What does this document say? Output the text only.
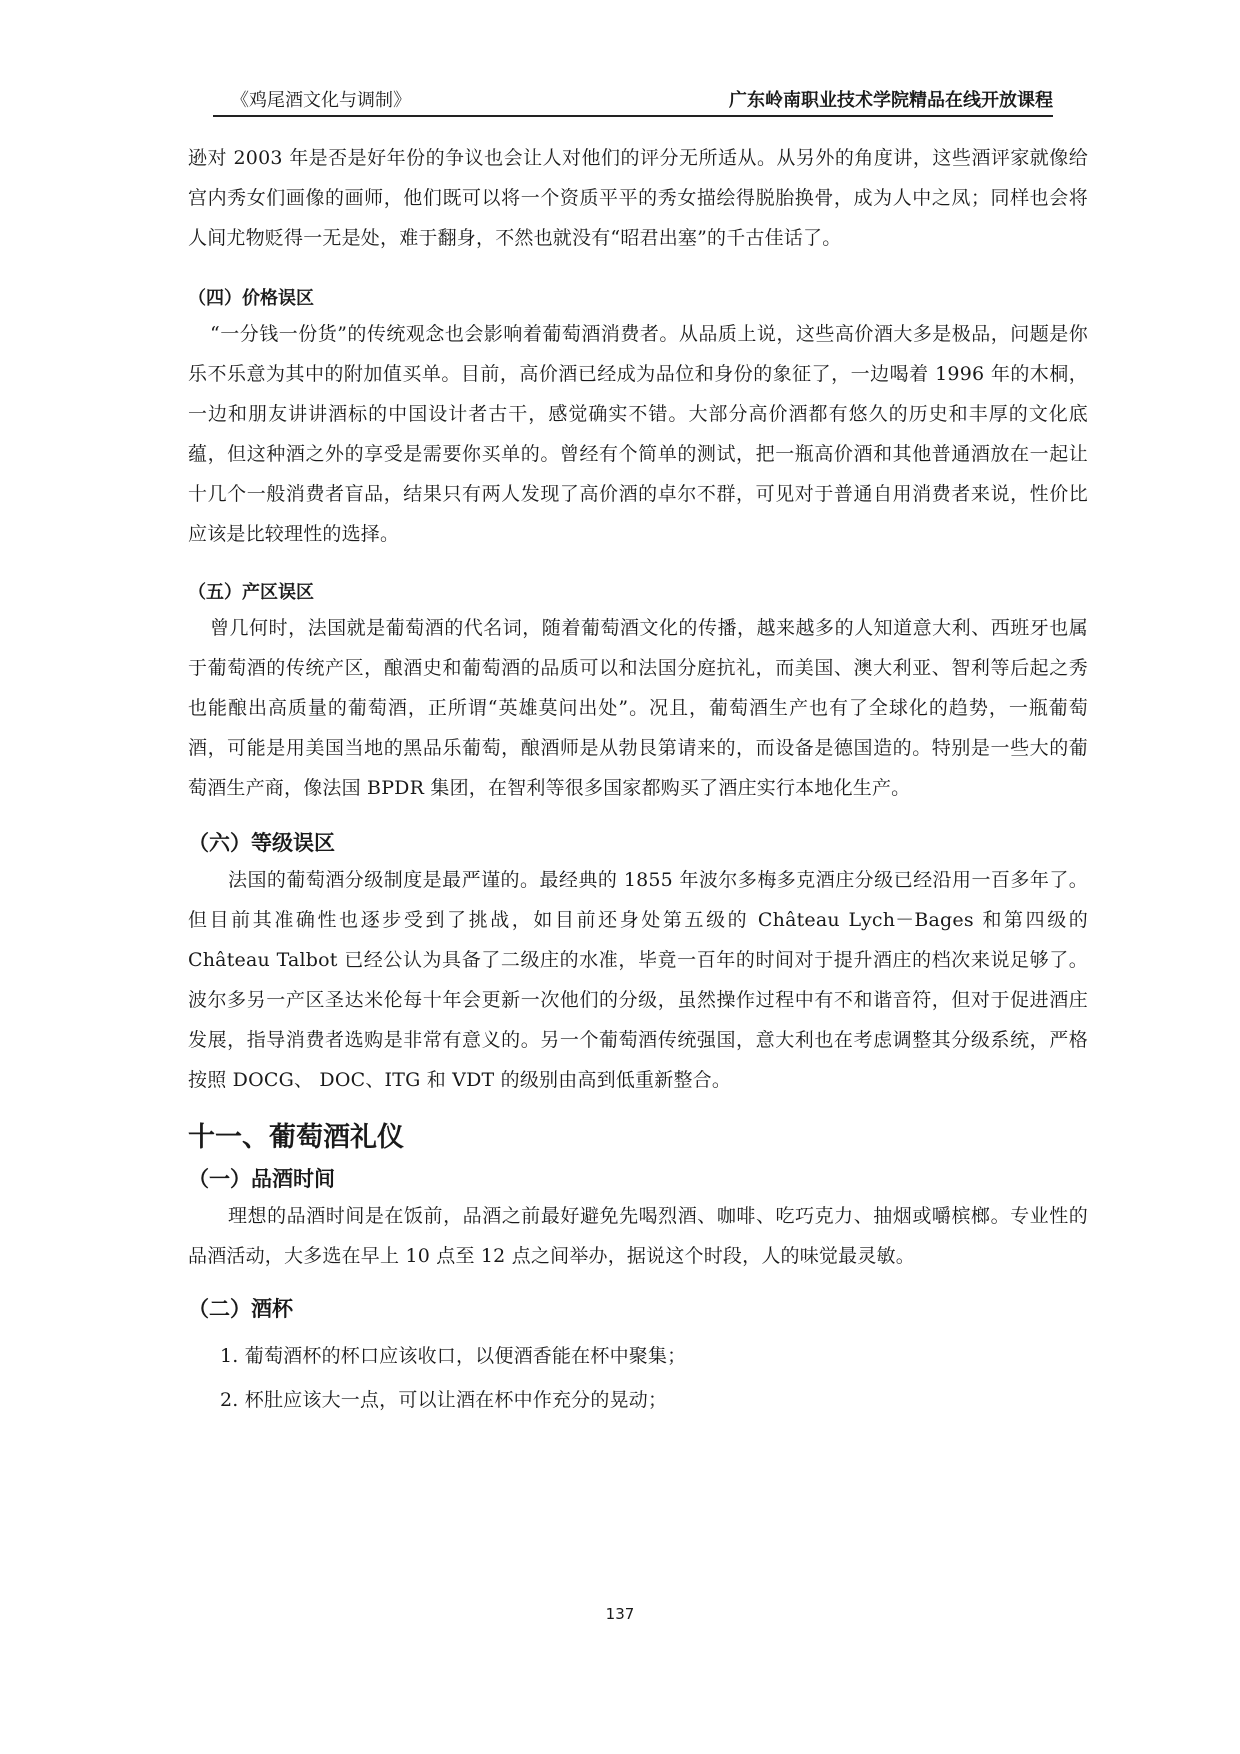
《鸡尾酒文化与调制》	广东岭南职业技术学院精品在线开放课程

逊对 2003 年是否是好年份的争议也会让人对他们的评分无所适从。从另外的角度讲，这些酒评家就像给宫内秀女们画像的画师，他们既可以将一个资质平平的秀女描绘得脱胎换骨，成为人中之凤；同样也会将人间尤物贬得一无是处，难于翻身，不然也就没有“昭君出塞”的千古佳话了。

（四）价格误区

“一分钱一份货”的传统观念也会影响着葡萄酒消费者。从品质上说，这些高价酒大多是极品，问题是你乐不乐意为其中的附加值买单。目前，高价酒已经成为品位和身份的象征了，一边喝着 1996 年的木桐，一边和朋友讲讲酒标的中国设计者古干，感觉确实不错。大部分高价酒都有悠久的历史和丰厚的文化底蕴，但这种酒之外的享受是需要你买单的。曾经有个简单的测试，把一瓶高价酒和其他普通酒放在一起让十几个一般消费者盲品，结果只有两人发现了高价酒的卓尔不群，可见对于普通自用消费者来说，性价比应该是比较理性的选择。

（五）产区误区

曾几何时，法国就是葡萄酒的代名词，随着葡萄酒文化的传播，越来越多的人知道意大利、西班牙也属于葡萄酒的传统产区，酿酒史和葡萄酒的品质可以和法国分庭抗礼，而美国、澳大利亚、智利等后起之秀也能酿出高质量的葡萄酒，正所谓“英雄莫问出处”。况且，葡萄酒生产也有了全球化的趋势，一瓶葡萄酒，可能是用美国当地的黑品乐葡萄，酿酒师是从勃艮第请来的，而设备是德国造的。特别是一些大的葡萄酒生产商，像法国 BPDR 集团，在智利等很多国家都购买了酒庄实行本地化生产。

（六）等级误区

法国的葡萄酒分级制度是最严谨的。最经典的 1855 年波尔多梅多克酒庄分级已经沿用一百多年了。但目前其准确性也逐步受到了挑战，如目前还身处第五级的 Château Lych－Bages 和第四级的 Château Talbot 已经公认为具备了二级庄的水准，毕竟一百年的时间对于提升酒庄的档次来说足够了。波尔多另一产区圣达米伦每十年会更新一次他们的分级，虽然操作过程中有不和谐音符，但对于促进酒庄发展，指导消费者选购是非常有意义的。另一个葡萄酒传统强国，意大利也在考虑调整其分级系统，严格按照 DOCG、 DOC、ITG 和 VDT 的级别由高到低重新整合。

十一、葡萄酒礼仪
（一）品酒时间

理想的品酒时间是在饭前，品酒之前最好避免先喝烈酒、咖啡、吃巧克力、抽烟或嚼槟榔。专业性的品酒活动，大多选在早上 10 点至 12 点之间举办，据说这个时段，人的味觉最灵敏。

（二）酒杯

1. 葡萄酒杯的杯口应该收口，以便酒香能在杯中聚集；

2. 杯肚应该大一点，可以让酒在杯中作充分的晃动；

137
